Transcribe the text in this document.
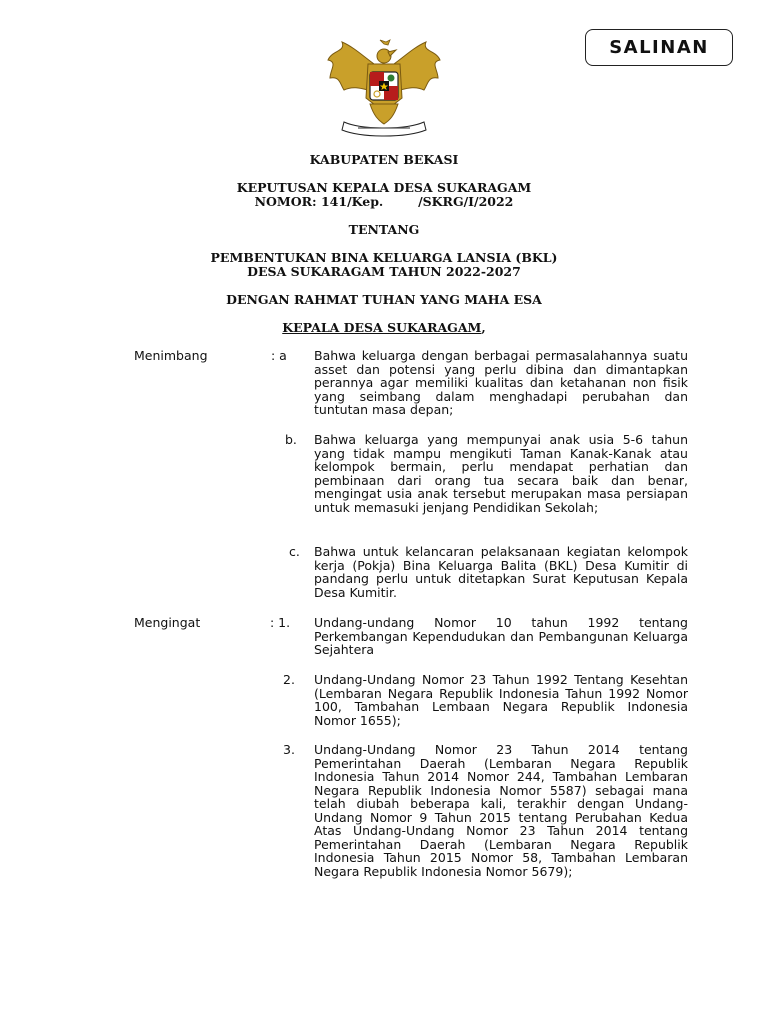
SALINAN
KABUPATEN BEKASI
KEPUTUSAN KEPALA DESA SUKARAGAM
NOMOR: 141/Kep.        /SKRG/I/2022
TENTANG
PEMBENTUKAN BINA KELUARGA LANSIA (BKL)
DESA SUKARAGAM TAHUN 2022-2027
DENGAN RAHMAT TUHAN YANG MAHA ESA
KEPALA DESA SUKARAGAM,
Menimbang	: a Bahwa keluarga dengan berbagai permasalahannya suatu asset dan potensi yang perlu dibina dan dimantapkan perannya agar memiliki kualitas dan ketahanan non fisik yang seimbang dalam menghadapi perubahan dan tuntutan masa depan;
b. Bahwa keluarga yang mempunyai anak usia 5-6 tahun yang tidak mampu mengikuti Taman Kanak-Kanak atau kelompok bermain, perlu mendapat perhatian dan pembinaan dari orang tua secara baik dan benar, mengingat usia anak tersebut merupakan masa persiapan untuk memasuki jenjang Pendidikan Sekolah;
c. Bahwa untuk kelancaran pelaksanaan kegiatan kelompok kerja (Pokja) Bina Keluarga Balita (BKL) Desa Kumitir di pandang perlu untuk ditetapkan Surat Keputusan Kepala Desa Kumitir.
Mengingat	: 1. Undang-undang Nomor 10 tahun 1992 tentang Perkembangan Kependudukan dan Pembangunan Keluarga Sejahtera
2. Undang-Undang Nomor 23 Tahun 1992 Tentang Kesehtan (Lembaran Negara Republik Indonesia Tahun 1992 Nomor 100, Tambahan Lembaan Negara Republik Indonesia Nomor 1655);
3. Undang-Undang Nomor 23 Tahun 2014 tentang Pemerintahan Daerah (Lembaran Negara Republik Indonesia Tahun 2014 Nomor 244, Tambahan Lembaran Negara Republik Indonesia Nomor 5587) sebagai mana telah diubah beberapa kali, terakhir dengan Undang-Undang Nomor 9 Tahun 2015 tentang Perubahan Kedua Atas Undang-Undang Nomor 23 Tahun 2014 tentang Pemerintahan Daerah (Lembaran Negara Republik Indonesia Tahun 2015 Nomor 58, Tambahan Lembaran Negara Republik Indonesia Nomor 5679);
